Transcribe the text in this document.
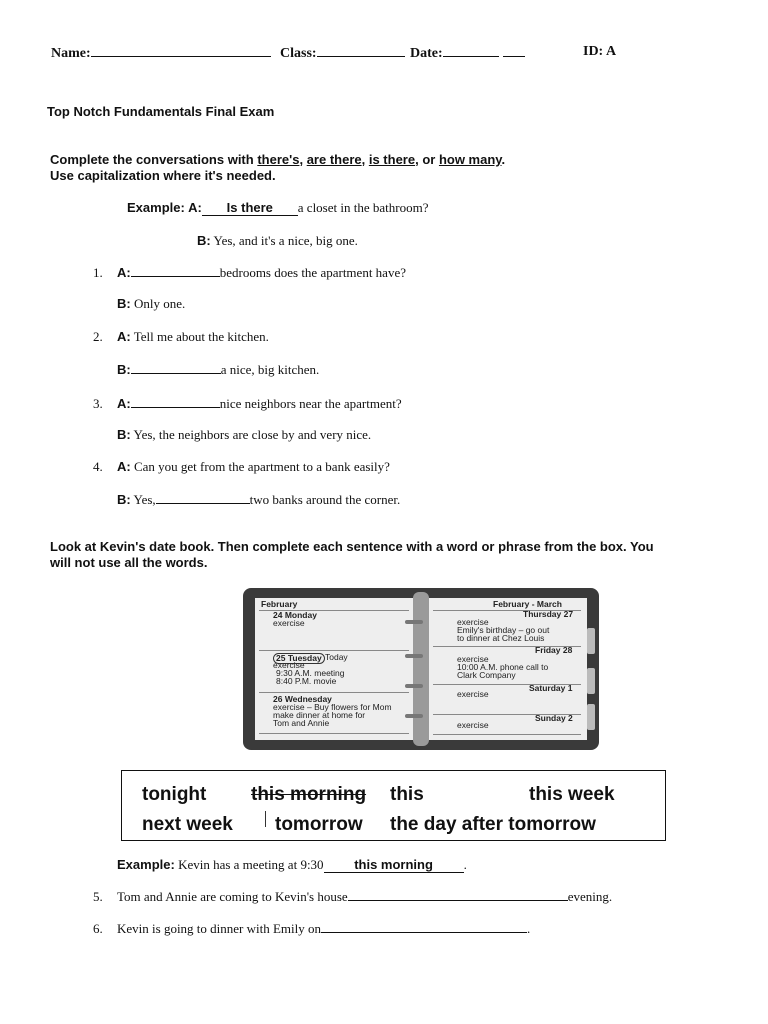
Name:	Class:	Date:	ID: A
Top Notch Fundamentals Final Exam
Complete the conversations with there's, are there, is there, or how many.
Use capitalization where it's needed.
Example: A: Is there a closet in the bathroom?
B: Yes, and it's a nice, big one.
1. A:	bedrooms does the apartment have?
B: Only one.
2. A: Tell me about the kitchen.
B:	a nice, big kitchen.
3. A:	nice neighbors near the apartment?
B: Yes, the neighbors are close by and very nice.
4. A: Can you get from the apartment to a bank easily?
B: Yes,	two banks around the corner.
Look at Kevin's date book. Then complete each sentence with a word or phrase from the box. You
will not use all the words.
February
24 Monday
exercise
25 Tuesday Today
exercise
9:30 A.M. meeting
8:40 P.M. movie
26 Wednesday
exercise – Buy flowers for Mom
make dinner at home for
Tom and Annie
February - March
Thursday 27
exercise
Emily's birthday – go out
to dinner at Chez Louis
Friday 28
exercise
10:00 A.M. phone call to
Clark Company
Saturday 1
exercise
Sunday 2
exercise
tonight this morning this	this week
next week tomorrow the day after tomorrow
Example: Kevin has a meeting at 9:30 this morning .
5. Tom and Annie are coming to Kevin's house	evening.
6. Kevin is going to dinner with Emily on	.
